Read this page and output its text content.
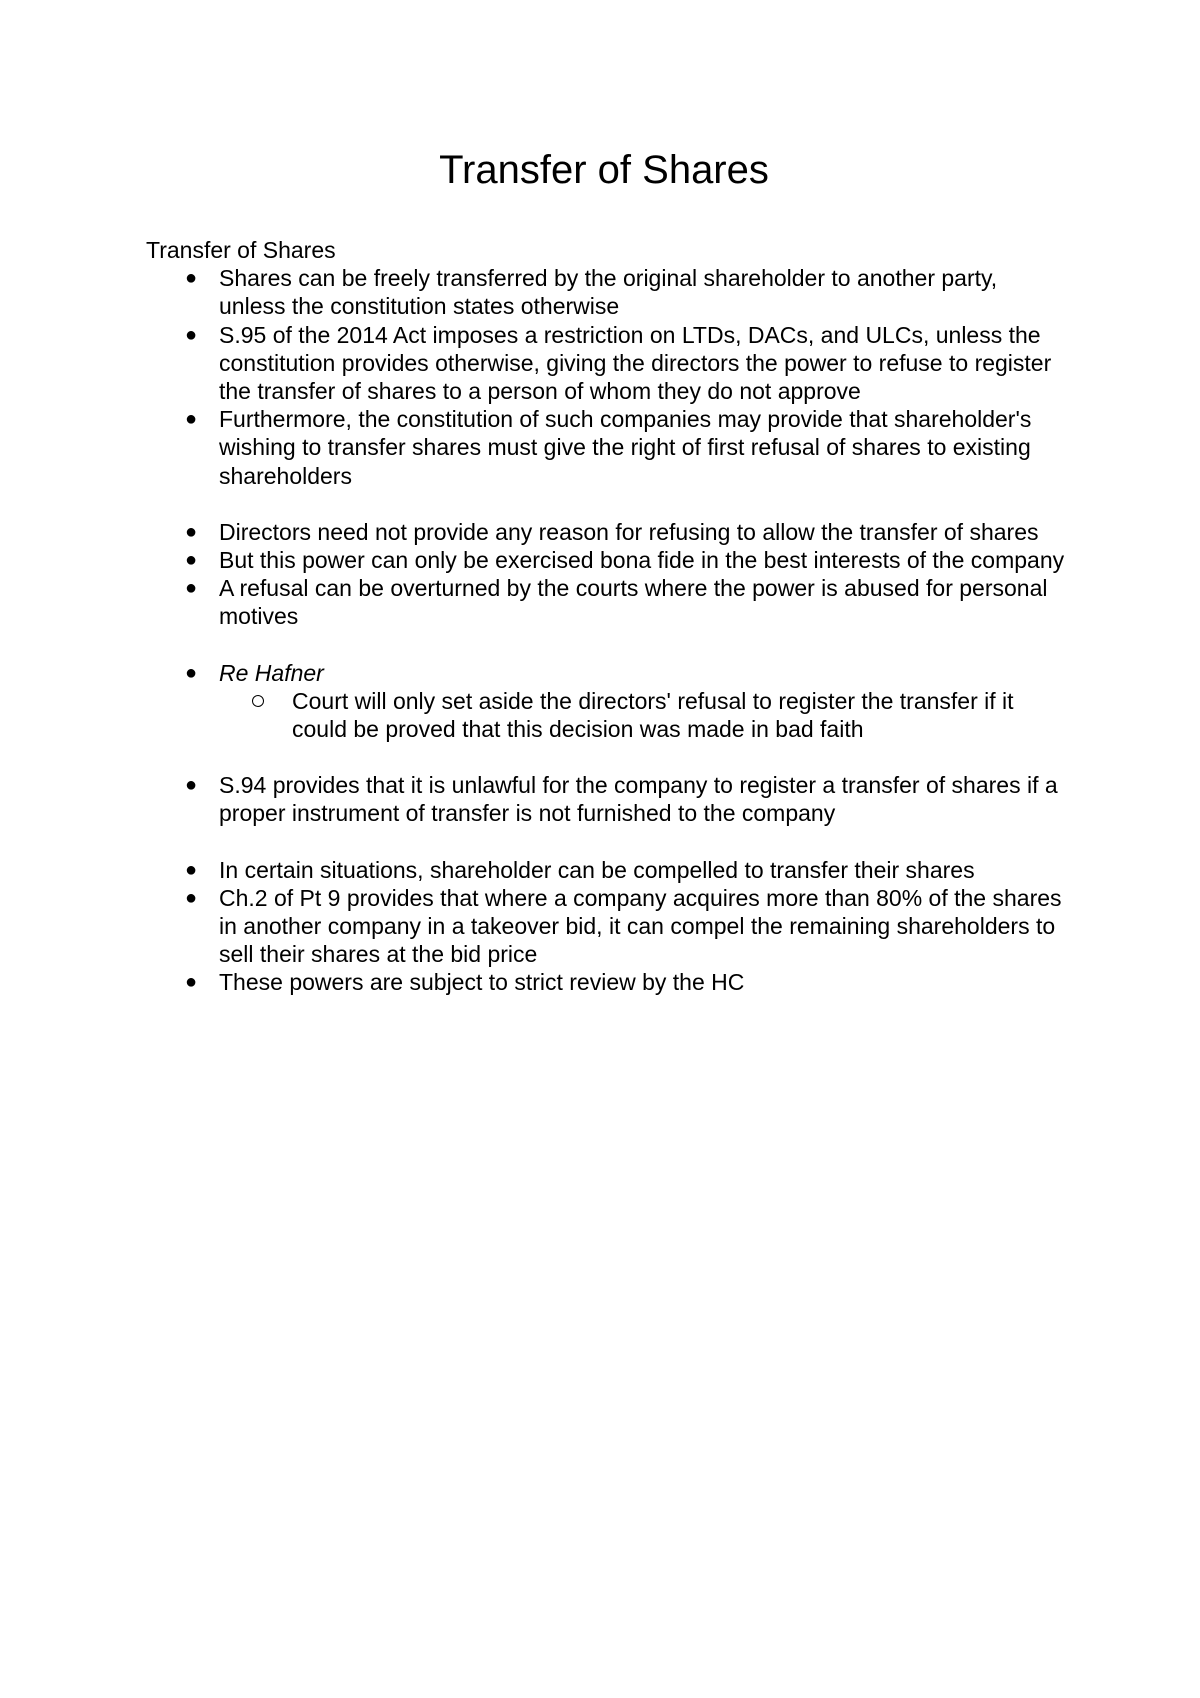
Transfer of Shares

Transfer of Shares

● Shares can be freely transferred by the original shareholder to another party, unless the constitution states otherwise
● S.95 of the 2014 Act imposes a restriction on LTDs, DACs, and ULCs, unless the constitution provides otherwise, giving the directors the power to refuse to register the transfer of shares to a person of whom they do not approve
● Furthermore, the constitution of such companies may provide that shareholder's wishing to transfer shares must give the right of first refusal of shares to existing shareholders
● Directors need not provide any reason for refusing to allow the transfer of shares
● But this power can only be exercised bona fide in the best interests of the company
● A refusal can be overturned by the courts where the power is abused for personal motives
● Re Hafner
Court will only set aside the directors' refusal to register the transfer if it could be proved that this decision was made in bad faith
● S.94 provides that it is unlawful for the company to register a transfer of shares if a proper instrument of transfer is not furnished to the company
● In certain situations, shareholder can be compelled to transfer their shares
● Ch.2 of Pt 9 provides that where a company acquires more than 80% of the shares in another company in a takeover bid, it can compel the remaining shareholders to sell their shares at the bid price
● These powers are subject to strict review by the HC
